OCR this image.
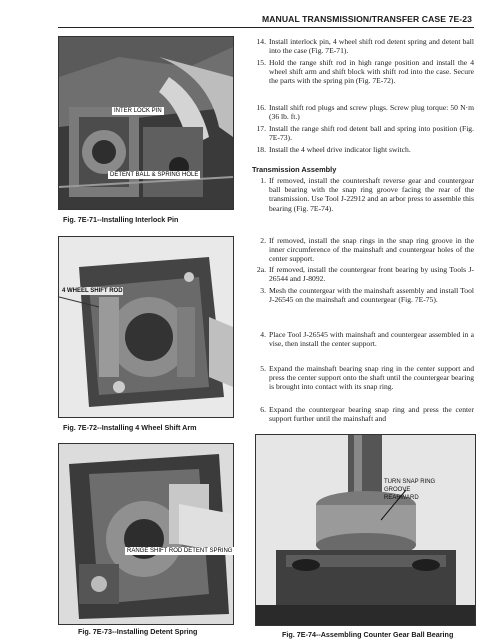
MANUAL TRANSMISSION/TRANSFER CASE 7E-23
INTER LOCK PIN
DETENT BALL & SPRING HOLE
Fig. 7E-71--Installing Interlock Pin
4 WHEEL SHIFT ROD
Fig. 7E-72--Installing 4 Wheel Shift Arm
RANGE SHIFT ROD DETENT SPRING
Fig. 7E-73--Installing Detent Spring
TURN SNAP RING
GROOVE
REARWARD
Fig. 7E-74--Assembling Counter Gear Ball Bearing
14. Install interlock pin, 4 wheel shift rod detent spring and detent ball into the case (Fig. 7E-71).
15. Hold the range shift rod in high range position and install the 4 wheel shift arm and shift block with shift rod into the case. Secure the parts with the spring pin (Fig. 7E-72).
16. Install shift rod plugs and screw plugs. Screw plug torque: 50 N·m (36 lb. ft.)
17. Install the range shift rod detent ball and spring into position (Fig. 7E-73).
18. Install the 4 wheel drive indicator light switch.
Transmission Assembly
1. If removed, install the countershaft reverse gear and countergear ball bearing with the snap ring groove facing the rear of the transmission. Use Tool J-22912 and an arbor press to assemble this bearing (Fig. 7E-74).
2. If removed, install the snap rings in the snap ring groove in the inner circumference of the mainshaft and countergear holes of the center support.
2a. If removed, install the countergear front bearing by using Tools J-26544 and J-8092.
3. Mesh the countergear with the mainshaft assembly and install Tool J-26545 on the mainshaft and countergear (Fig. 7E-75).
4. Place Tool J-26545 with mainshaft and countergear assembled in a vise, then install the center support.
5. Expand the mainshaft bearing snap ring in the center support and press the center support onto the shaft until the countergear bearing is brought into contact with its snap ring.
6. Expand the countergear bearing snap ring and press the center support further until the mainshaft and
